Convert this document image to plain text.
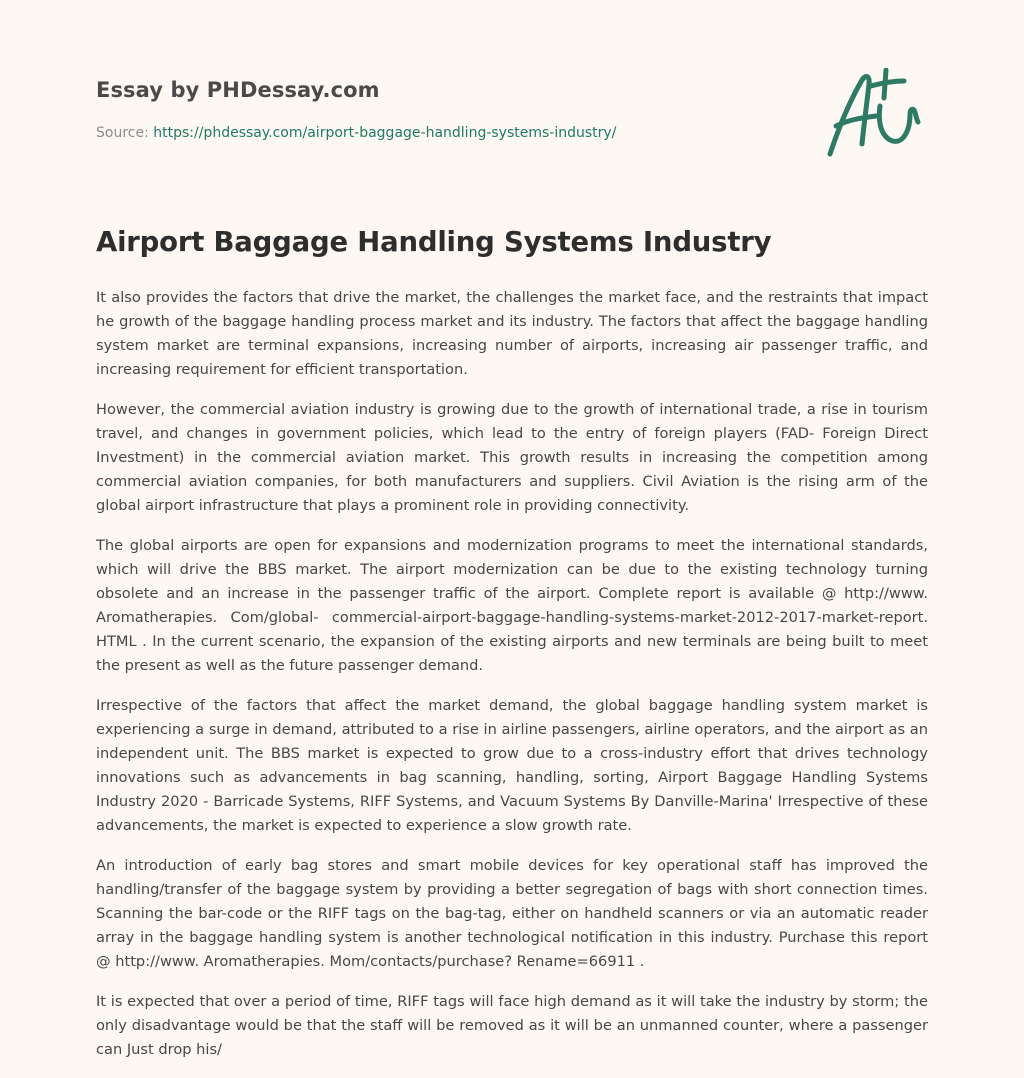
Essay by PHDessay.com
Source: https://phdessay.com/airport-baggage-handling-systems-industry/
Airport Baggage Handling Systems Industry

It also provides the factors that drive the market, the challenges the market face, and the restraints that impact he growth of the baggage handling process market and its industry. The factors that affect the baggage handling system market are terminal expansions, increasing number of airports, increasing air passenger traffic, and increasing requirement for efficient transportation.

However, the commercial aviation industry is growing due to the growth of international trade, a rise in tourism travel, and changes in government policies, which lead to the entry of foreign players (FAD- Foreign Direct Investment) in the commercial aviation market. This growth results in increasing the competition among commercial aviation companies, for both manufacturers and suppliers. Civil Aviation is the rising arm of the global airport infrastructure that plays a prominent role in providing connectivity.

The global airports are open for expansions and modernization programs to meet the international standards, which will drive the BBS market. The airport modernization can be due to the existing technology turning obsolete and an increase in the passenger traffic of the airport. Complete report is available @ http://www. Aromatherapies. Com/global- commercial-airport-baggage-handling-systems-market-2012-2017-market-report. HTML . In the current scenario, the expansion of the existing airports and new terminals are being built to meet the present as well as the future passenger demand.

Irrespective of the factors that affect the market demand, the global baggage handling system market is experiencing a surge in demand, attributed to a rise in airline passengers, airline operators, and the airport as an independent unit. The BBS market is expected to grow due to a cross-industry effort that drives technology innovations such as advancements in bag scanning, handling, sorting, Airport Baggage Handling Systems Industry 2020 - Barricade Systems, RIFF Systems, and Vacuum Systems By Danville-Marina' Irrespective of these advancements, the market is expected to experience a slow growth rate.

An introduction of early bag stores and smart mobile devices for key operational staff has improved the handling/transfer of the baggage system by providing a better segregation of bags with short connection times. Scanning the bar-code or the RIFF tags on the bag-tag, either on handheld scanners or via an automatic reader array in the baggage handling system is another technological notification in this industry. Purchase this report @ http://www. Aromatherapies. Mom/contacts/purchase? Rename=66911 .

It is expected that over a period of time, RIFF tags will face high demand as it will take the industry by storm; the only disadvantage would be that the staff will be removed as it will be an unmanned counter, where a passenger can Just drop his/
